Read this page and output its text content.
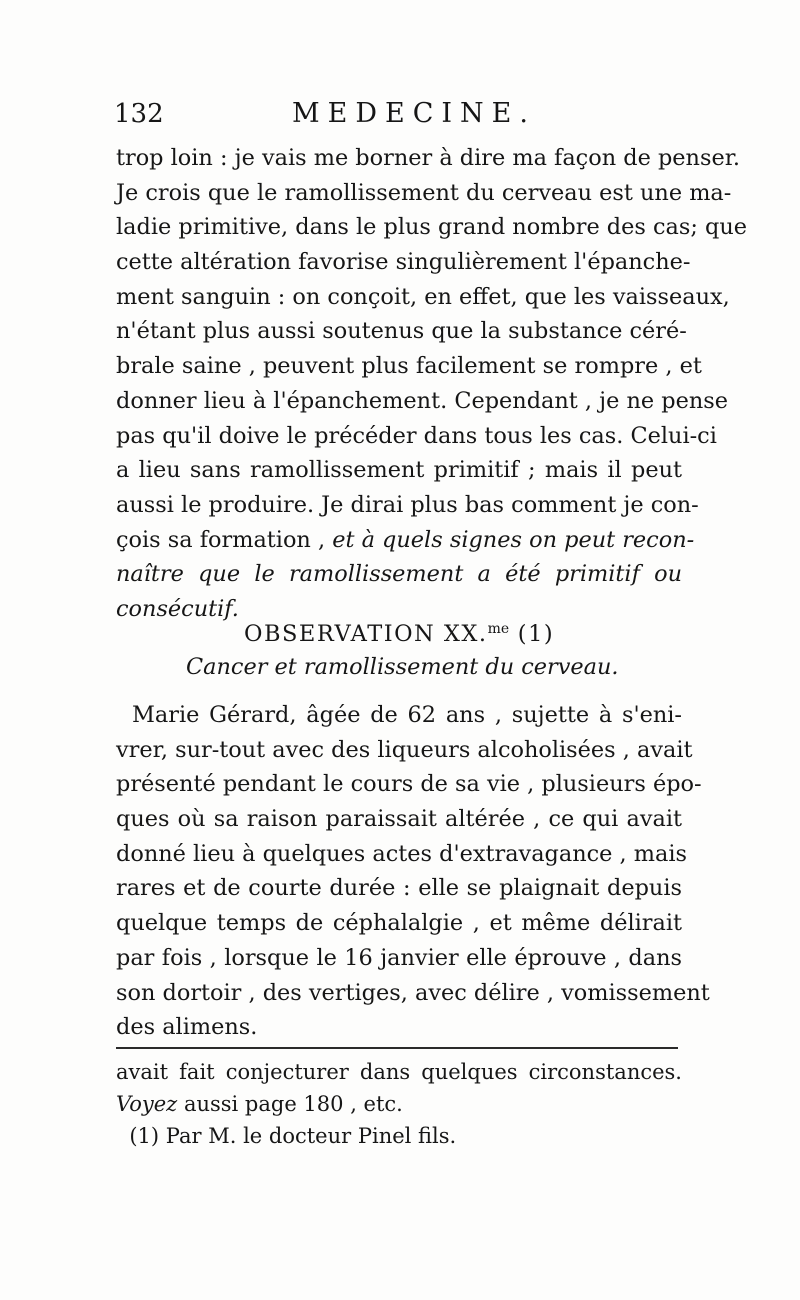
132	MEDECINE.
trop loin : je vais me borner à dire ma façon de penser.
Je crois que le ramollissement du cerveau est une ma-
ladie primitive, dans le plus grand nombre des cas; que
cette altération favorise singulièrement l'épanche-
ment sanguin : on conçoit, en effet, que les vaisseaux,
n'étant plus aussi soutenus que la substance céré-
brale saine , peuvent plus facilement se rompre , et
donner lieu à l'épanchement. Cependant , je ne pense
pas qu'il doive le précéder dans tous les cas. Celui-ci
a lieu sans ramollissement primitif ; mais il peut
aussi le produire. Je dirai plus bas comment je con-
çois sa formation , et à quels signes on peut recon-
naître que le ramollissement a été primitif ou
consécutif.
OBSERVATION XX.$^{me}$ (1)
Cancer et ramollissement du cerveau.
Marie Gérard, âgée de 62 ans , sujette à s'eni-
vrer, sur-tout avec des liqueurs alcoholisées , avait
présenté pendant le cours de sa vie , plusieurs épo-
ques où sa raison paraissait altérée , ce qui avait
donné lieu à quelques actes d'extravagance , mais
rares et de courte durée : elle se plaignait depuis
quelque temps de céphalalgie , et même délirait
par fois , lorsque le 16 janvier elle éprouve , dans
son dortoir , des vertiges, avec délire , vomissement
des alimens.
avait fait conjecturer dans quelques circonstances.
Voyez aussi page 180 , etc.
(1) Par M. le docteur Pinel fils.
